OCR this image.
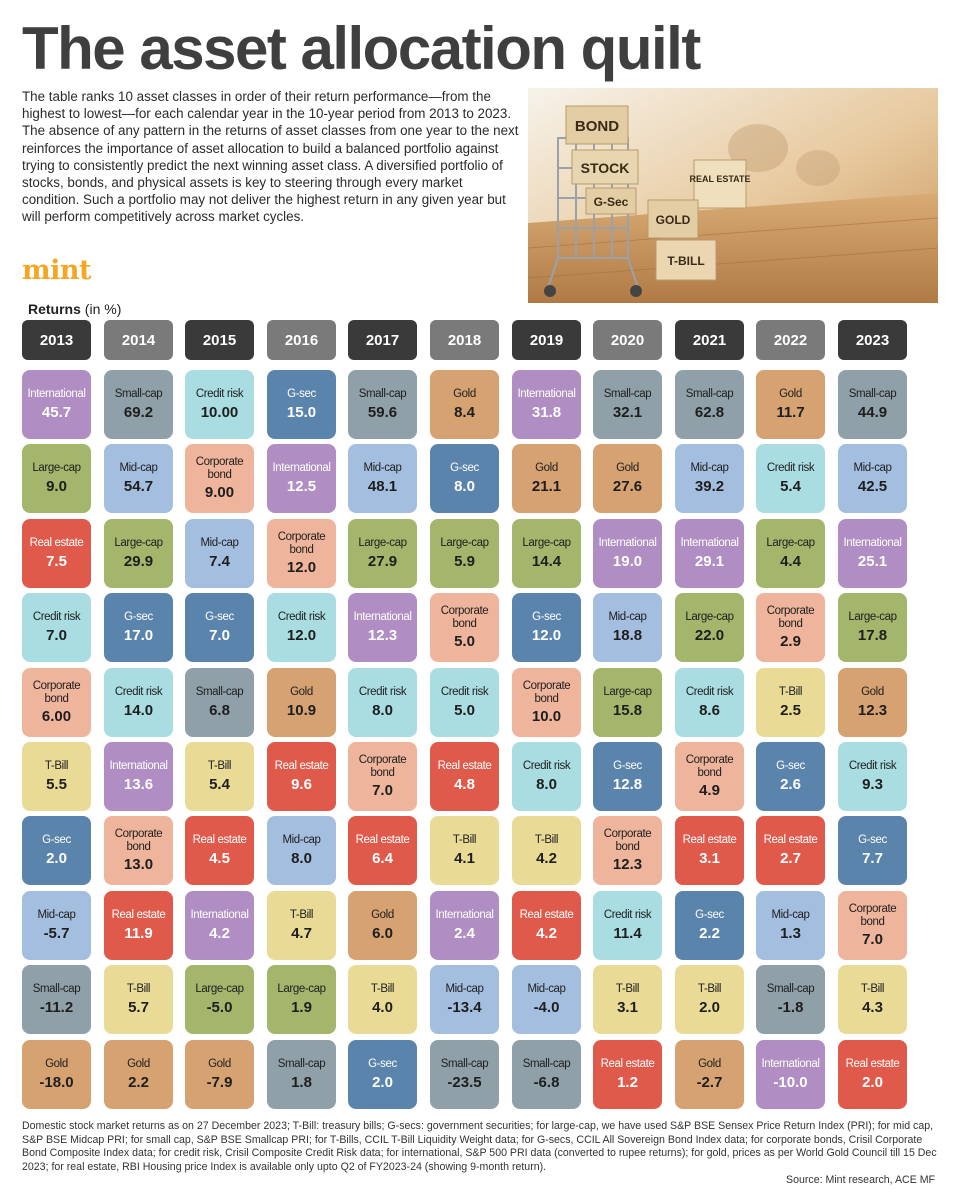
The asset allocation quilt

The table ranks 10 asset classes in order of their return performance—from the highest to lowest—for each calendar year in the 10-year period from 2013 to 2023. The absence of any pattern in the returns of asset classes from one year to the next reinforces the importance of asset allocation to build a balanced portfolio against trying to consistently predict the next winning asset class. A diversified portfolio of stocks, bonds, and physical assets is key to steering through every market condition. Such a portfolio may not deliver the highest return in any given year but will perform competitively across market cycles.

mint
BOND
STOCK
G-Sec
REAL ESTATE
GOLD
T-BILL
Returns (in %)
2013
International
45.7
Large-cap
9.0
Real estate
7.5
Credit risk
7.0
Corporate bond
6.00
T-Bill
5.5
G-sec
2.0
Mid-cap
-5.7
Small-cap
-11.2
Gold
-18.0
2014
Small-cap
69.2
Mid-cap
54.7
Large-cap
29.9
G-sec
17.0
Credit risk
14.0
International
13.6
Corporate bond
13.0
Real estate
11.9
T-Bill
5.7
Gold
2.2
2015
Credit risk
10.00
Corporate bond
9.00
Mid-cap
7.4
G-sec
7.0
Small-cap
6.8
T-Bill
5.4
Real estate
4.5
International
4.2
Large-cap
-5.0
Gold
-7.9
2016
G-sec
15.0
International
12.5
Corporate bond
12.0
Credit risk
12.0
Gold
10.9
Real estate
9.6
Mid-cap
8.0
T-Bill
4.7
Large-cap
1.9
Small-cap
1.8
2017
Small-cap
59.6
Mid-cap
48.1
Large-cap
27.9
International
12.3
Credit risk
8.0
Corporate bond
7.0
Real estate
6.4
Gold
6.0
T-Bill
4.0
G-sec
2.0
2018
Gold
8.4
G-sec
8.0
Large-cap
5.9
Corporate bond
5.0
Credit risk
5.0
Real estate
4.8
T-Bill
4.1
International
2.4
Mid-cap
-13.4
Small-cap
-23.5
2019
International
31.8
Gold
21.1
Large-cap
14.4
G-sec
12.0
Corporate bond
10.0
Credit risk
8.0
T-Bill
4.2
Real estate
4.2
Mid-cap
-4.0
Small-cap
-6.8
2020
Small-cap
32.1
Gold
27.6
International
19.0
Mid-cap
18.8
Large-cap
15.8
G-sec
12.8
Corporate bond
12.3
Credit risk
11.4
T-Bill
3.1
Real estate
1.2
2021
Small-cap
62.8
Mid-cap
39.2
International
29.1
Large-cap
22.0
Credit risk
8.6
Corporate bond
4.9
Real estate
3.1
G-sec
2.2
T-Bill
2.0
Gold
-2.7
2022
Gold
11.7
Credit risk
5.4
Large-cap
4.4
Corporate bond
2.9
T-Bill
2.5
G-sec
2.6
Real estate
2.7
Mid-cap
1.3
Small-cap
-1.8
International
-10.0
2023
Small-cap
44.9
Mid-cap
42.5
International
25.1
Large-cap
17.8
Gold
12.3
Credit risk
9.3
G-sec
7.7
Corporate bond
7.0
T-Bill
4.3
Real estate
2.0

Domestic stock market returns as on 27 December 2023; T-Bill: treasury bills; G-secs: government securities; for large-cap, we have used S&P BSE Sensex Price Return Index (PRI); for mid cap, S&P BSE Midcap PRI; for small cap, S&P BSE Smallcap PRI; for T-Bills, CCIL T-Bill Liquidity Weight data; for G-secs, CCIL All Sovereign Bond Index data; for corporate bonds, Crisil Corporate Bond Composite Index data; for credit risk, Crisil Composite Credit Risk data; for international, S&P 500 PRI data (converted to rupee returns); for gold, prices as per World Gold Council till 15 Dec 2023; for real estate, RBI Housing price Index is available only upto Q2 of FY2023-24 (showing 9-month return).

Source: Mint research, ACE MF
